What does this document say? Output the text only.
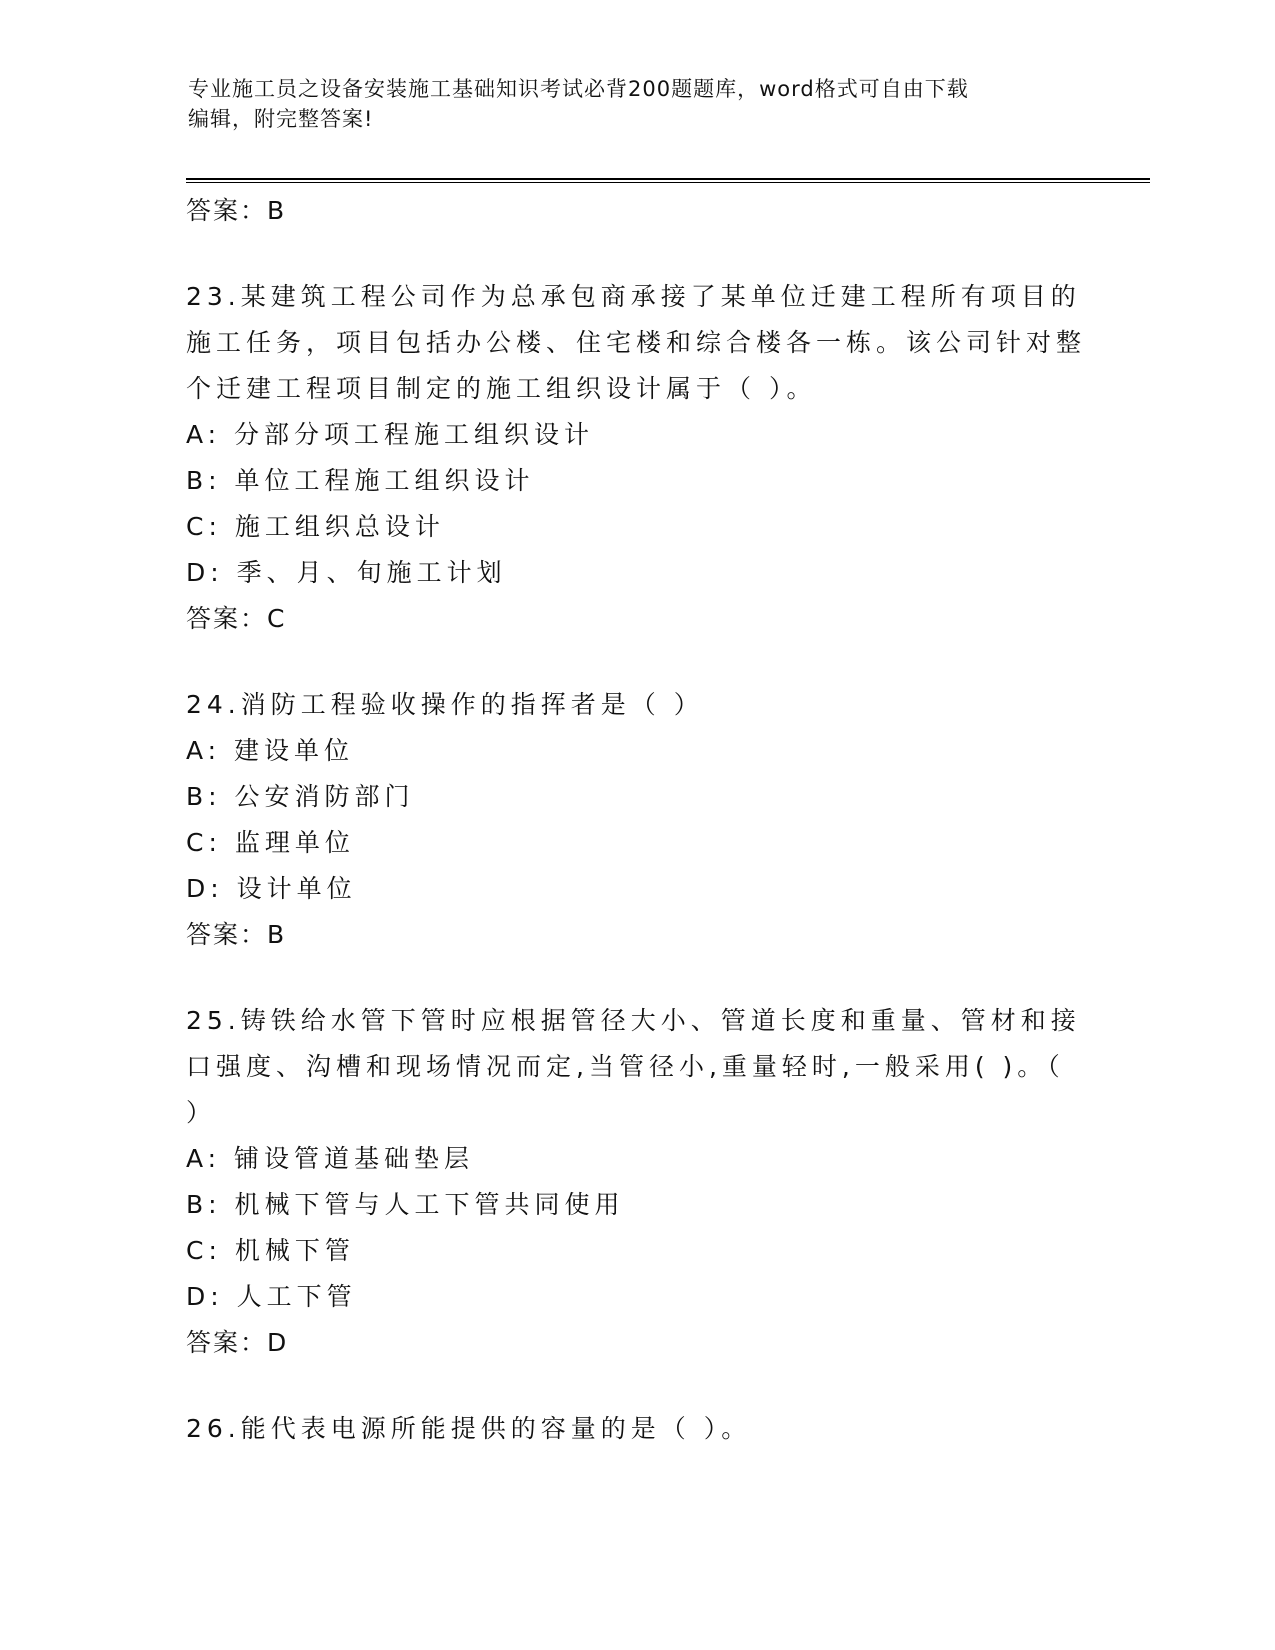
专业施工员之设备安装施工基础知识考试必背200题题库，word格式可自由下载
编辑，附完整答案!

答案：B

23.某建筑工程公司作为总承包商承接了某单位迁建工程所有项目的施工任务，项目包括办公楼、住宅楼和综合楼各一栋。该公司针对整个迁建工程项目制定的施工组织设计属于（ ）。

A: 分部分项工程施工组织设计

B: 单位工程施工组织设计

C: 施工组织总设计

D: 季、月、旬施工计划

答案：C

24.消防工程验收操作的指挥者是（ ）

A: 建设单位

B: 公安消防部门

C: 监理单位

D: 设计单位

答案：B

25.铸铁给水管下管时应根据管径大小、管道长度和重量、管材和接口强度、沟槽和现场情况而定,当管径小,重量轻时,一般采用( )。（ ）

A: 铺设管道基础垫层

B: 机械下管与人工下管共同使用

C: 机械下管

D: 人工下管

答案：D

26.能代表电源所能提供的容量的是（ ）。
